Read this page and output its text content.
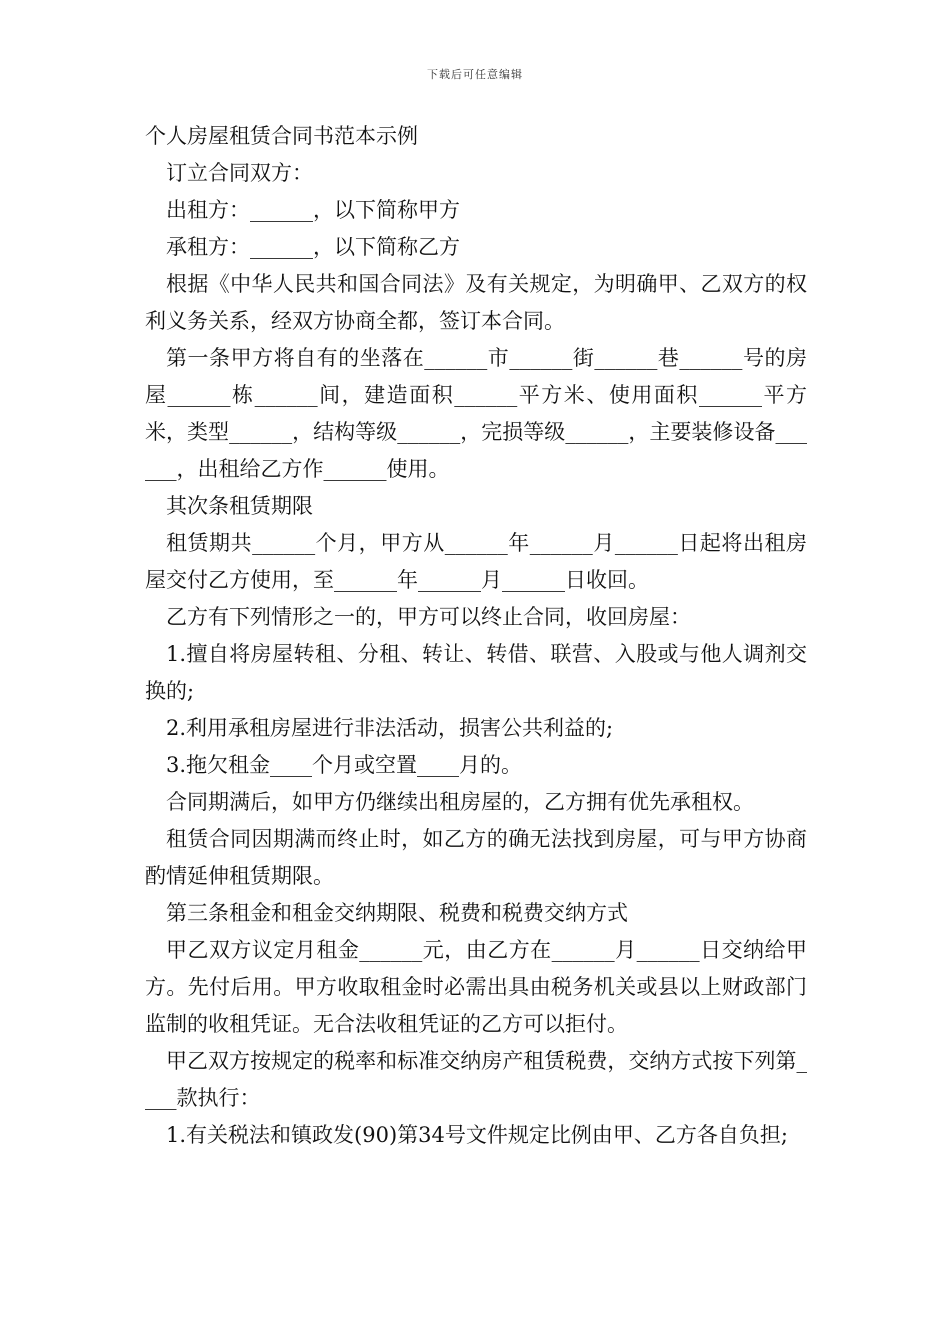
下载后可任意编辑

个人房屋租赁合同书范本示例

订立合同双方：

出租方：______，以下简称甲方

承租方：______，以下简称乙方

根据《中华人民共和国合同法》及有关规定，为明确甲、乙双方的权利义务关系，经双方协商全都，签订本合同。

第一条甲方将自有的坐落在______市______街______巷______号的房屋______栋______间，建造面积______平方米、使用面积______平方米，类型______，结构等级______，完损等级______，主要装修设备______，出租给乙方作______使用。

其次条租赁期限

租赁期共______个月，甲方从______年______月______日起将出租房屋交付乙方使用，至______年______月______日收回。

乙方有下列情形之一的，甲方可以终止合同，收回房屋：

1.擅自将房屋转租、分租、转让、转借、联营、入股或与他人调剂交换的;

2.利用承租房屋进行非法活动，损害公共利益的;

3.拖欠租金____个月或空置____月的。

合同期满后，如甲方仍继续出租房屋的，乙方拥有优先承租权。

租赁合同因期满而终止时，如乙方的确无法找到房屋，可与甲方协商酌情延伸租赁期限。

第三条租金和租金交纳期限、税费和税费交纳方式

甲乙双方议定月租金______元，由乙方在______月______日交纳给甲方。先付后用。甲方收取租金时必需出具由税务机关或县以上财政部门监制的收租凭证。无合法收租凭证的乙方可以拒付。

甲乙双方按规定的税率和标准交纳房产租赁税费，交纳方式按下列第____款执行：

1.有关税法和镇政发(90)第34号文件规定比例由甲、乙方各自负担;
